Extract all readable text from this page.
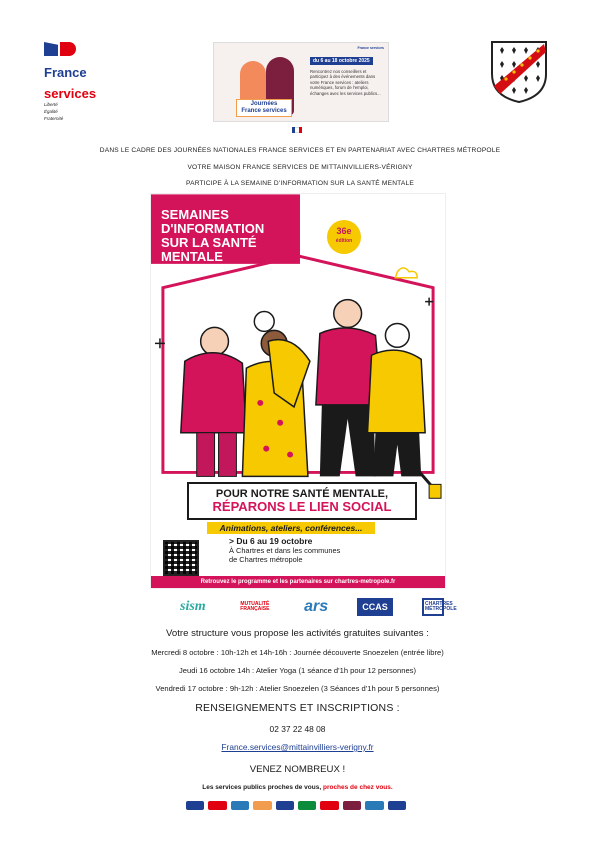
France
services
Liberté
Égalité
Fraternité
Journées
France services
du 6 au 18 octobre 2025
Rencontrez nos conseillers et participez à des événements dans votre France services : ateliers numériques, forum de l'emploi, échanges avec les services publics...
France services
DANS LE CADRE DES JOURNÉES NATIONALES FRANCE SERVICES ET EN PARTENARIAT AVEC CHARTRES MÉTROPOLE
VOTRE MAISON FRANCE SERVICES DE MITTAINVILLIERS-VÉRIGNY
PARTICIPE À LA SEMAINE D'INFORMATION SUR LA SANTÉ MENTALE
SEMAINES
D'INFORMATION
SUR LA SANTÉ
MENTALE
36e
édition
POUR NOTRE SANTÉ MENTALE,
RÉPARONS LE LIEN SOCIAL
Animations, ateliers, conférences...
> Du 6 au 19 octobre
À Chartres et dans les communes
de Chartres métropole
Retrouvez le programme et les partenaires sur chartres-metropole.fr
sism	MUTUALITÉ FRANÇAISE	ars	CCAS	CHARTRES MÉTROPOLE
Votre structure vous propose les activités gratuites suivantes :
Mercredi 8 octobre : 10h-12h et 14h-16h : Journée découverte Snoezelen (entrée libre)
Jeudi 16 octobre 14h : Atelier Yoga (1 séance d'1h pour 12 personnes)
Vendredi 17 octobre : 9h-12h : Atelier Snoezelen (3 Séances d'1h pour 5 personnes)
RENSEIGNEMENTS ET INSCRIPTIONS :
02 37 22 48 08
France.services@mittainvilliers-verigny.fr
VENEZ NOMBREUX !
Les services publics proches de vous, proches de chez vous.
